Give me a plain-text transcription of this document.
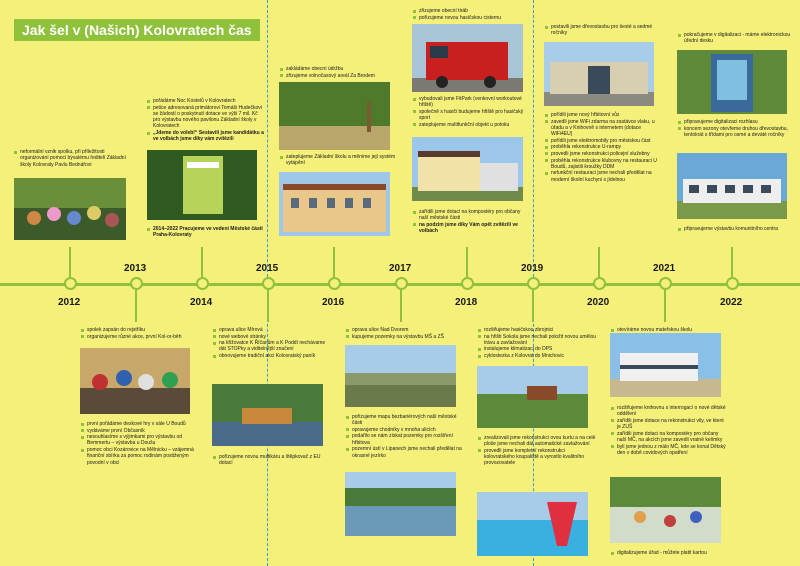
Jak šel v (Našich) Kolovratech čas
2012
2013
2014
2015
2016
2017
2018
2019
2020
2021
2022
neformální vznik spolku, při příležitosti organizování pomoci bývalému ředitelí Základní školy Kolovraty Pavlu Bednářovi
pořádáme Noc Kostelů v Kolovratech
petice adresovaná primátorovi Tomáši Hudečkovi se žádostí o poskytnutí dotace ve výši 7 mil. Kč pro výstavbu nového pavilonu Základní školy v Kolovratech
„Jdeme do voleb!“ Sestavili jsme kandidátku a ve volbách jsme díky vám zvítězili
2014–2022 Pracujeme ve vedení Městské části Praha-Kolovraty
zakládáme obecní údržbu
zřizujeme volnočasový areál Za Brodem
zateplujeme Základní školu a měníme její systém vytápění
zřizujeme obecní tiráb
pořizujeme novou hasičskou cisternu
vybudovali jsme FitPark (venkovní workoutové hřiště)
společně s hasiči budujeme hřiště pro hasičský sport
zateplujeme multifunkční objekt u potoku
zařídili jsme dotaci na kompostéry pro občany naší městské části
na podzim jsme díky Vám opět zvítězili ve volbách
postavili jsme dřevostavbu pro šesté a sedmé ročníky
pořídili jsme nový hřbitovní vůz
zavedli jsme WiFi zdarma na zastávce vlaku, u úřadu a v Knihovně s internetem (dotace WiFi4EU)
pořídili jsme elektromobily pro městskou část
proběhla rekonstrukce U-rampy
provedli jsme rekonstrukci policejní služebny
proběhla rekonstrukce klubovny na restauraci U Boudů, zajistili kroužky DDM
nefunkční restauraci jsme nechali předělat na moderní školní kuchyni s jídelnou
pokračujeme v digitalizaci - máme elektronickou úřední desku
připravujeme digitalizaci rozhlasu
koncem sezony otevřeme druhou dřevostavbu, tentokrát s třídami pro osmé a deváté ročníky
připravujeme výstavbu komunitního centra
spolek zapsán do rejstříku
organizujeme různé akce, první Kol-or-běh
první pořádáme deskové hry v sále U Boudů
vydáváme první Občasník
nesouhlasíme s výjimkami pro výstavbu od Bemmertu – výstavba u Doušu
pomoc obci Kozárovice na Mělnicku – vzájemná finanční sbírka za pomoc rodinám postiženým povodní v obci
oprava ulice Mírová
nové webové stránky
na křižovatce K Říčanům a K Poddí nechávame dát STOPky a viditelnější značení
obnovujeme tradiční akci Kolovratský paník
pořizujeme novou multikáru a štěpkovač z EU dotací
oprava ulice Nad Dvorem
kupujeme pozemky na výstavbu MŠ a ZŠ
pořizujeme mapu bezbariérových naší městské části
opravujeme chodníky v mnoha ulicích
podařilo se nám získat pozemky pro rozšíření hřbitova
pozemní ústí v Lipanech jsme nechali předělat na okrasné jezírko
rozšiřujeme hasičskou zbrojnici
na hřišti Sokola jsme nechali položit novou umělou trávu a zavlažování
instalujeme klimatizaci do DPS
cyklostezka z Kolovrat do Mnichovic
zrealizovali jsme rekonstrukci ovou kurtu a na celé ploše jsme nechali dát automatické zavlažování
provedli jsme kompletní rekonstrukci kolovratského koupaliště a vyrostlo kvalitního provozovatele
otevíráme novou mateřskou školu
rozšiřujeme knihovnu s interrogací o nové dětské oddělení
zařídili jsme dotace na rekonstrukci vily, ve které je ZUŠ
zařídili jsme dotaci na kompostéry pro občany naší MČ, na akcích jsme zavedli vratné kelímky
byli jsme jednou z málo MČ, kde se konal Dětský den v době covidových opatření
digitalizujeme úřad - můžete platit kartou
